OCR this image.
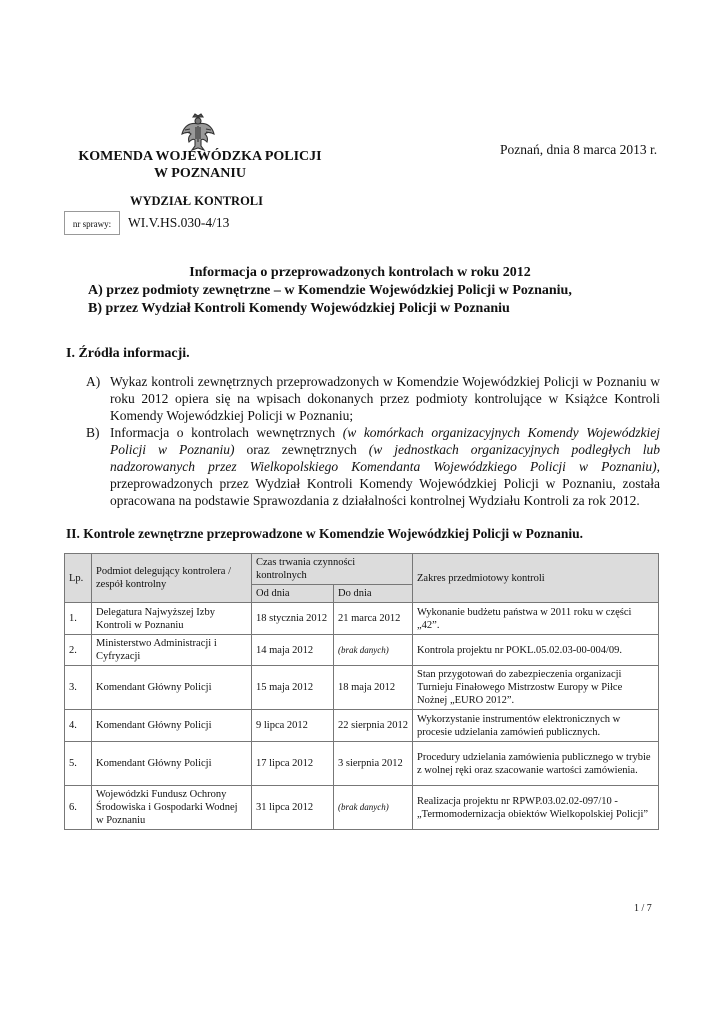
KOMENDA WOJEWÓDZKA POLICJI
W POZNANIU
Poznań, dnia 8 marca 2013 r.
WYDZIAŁ KONTROLI
nr sprawy:	WI.V.HS.030-4/13
Informacja o przeprowadzonych kontrolach w roku 2012
A) przez podmioty zewnętrzne – w Komendzie Wojewódzkiej Policji w Poznaniu,
B) przez Wydział Kontroli Komendy Wojewódzkiej Policji w Poznaniu
I. Źródła informacji.
A) Wykaz kontroli zewnętrznych przeprowadzonych w Komendzie Wojewódzkiej Policji w Poznaniu w roku 2012 opiera się na wpisach dokonanych przez podmioty kontrolujące w Książce Kontroli Komendy Wojewódzkiej Policji w Poznaniu;
B) Informacja o kontrolach wewnętrznych (w komórkach organizacyjnych Komendy Wojewódzkiej Policji w Poznaniu) oraz zewnętrznych (w jednostkach organizacyjnych podległych lub nadzorowanych przez Wielkopolskiego Komendanta Wojewódzkiego Policji w Poznaniu), przeprowadzonych przez Wydział Kontroli Komendy Wojewódzkiej Policji w Poznaniu, została opracowana na podstawie Sprawozdania z działalności kontrolnej Wydziału Kontroli za rok 2012.
II. Kontrole zewnętrzne przeprowadzone w Komendzie Wojewódzkiej Policji w Poznaniu.
Lp.	Podmiot delegujący kontrolera / zespół kontrolny	Czas trwania czynności kontrolnych		Zakres przedmiotowy kontroli
		Od dnia	Do dnia	
1.	Delegatura Najwyższej Izby Kontroli w Poznaniu	18 stycznia 2012	21 marca 2012	Wykonanie budżetu państwa w 2011 roku w części „42”.
2.	Ministerstwo Administracji i Cyfryzacji	14 maja 2012	(brak danych)	Kontrola projektu nr POKL.05.02.03-00-004/09.
3.	Komendant Główny Policji	15 maja 2012	18 maja 2012	Stan przygotowań do zabezpieczenia organizacji Turnieju Finałowego Mistrzostw Europy w Piłce Nożnej „EURO 2012”.
4.	Komendant Główny Policji	9 lipca 2012	22 sierpnia 2012	Wykorzystanie instrumentów elektronicznych w procesie udzielania zamówień publicznych.
5.	Komendant Główny Policji	17 lipca 2012	3 sierpnia 2012	Procedury udzielania zamówienia publicznego w trybie z wolnej ręki oraz szacowanie wartości zamówienia.
6.	Wojewódzki Fundusz Ochrony Środowiska i Gospodarki Wodnej w Poznaniu	31 lipca 2012	(brak danych)	Realizacja projektu nr RPWP.03.02.02-097/10 - „Termomodernizacja obiektów Wielkopolskiej Policji”
1 / 7
